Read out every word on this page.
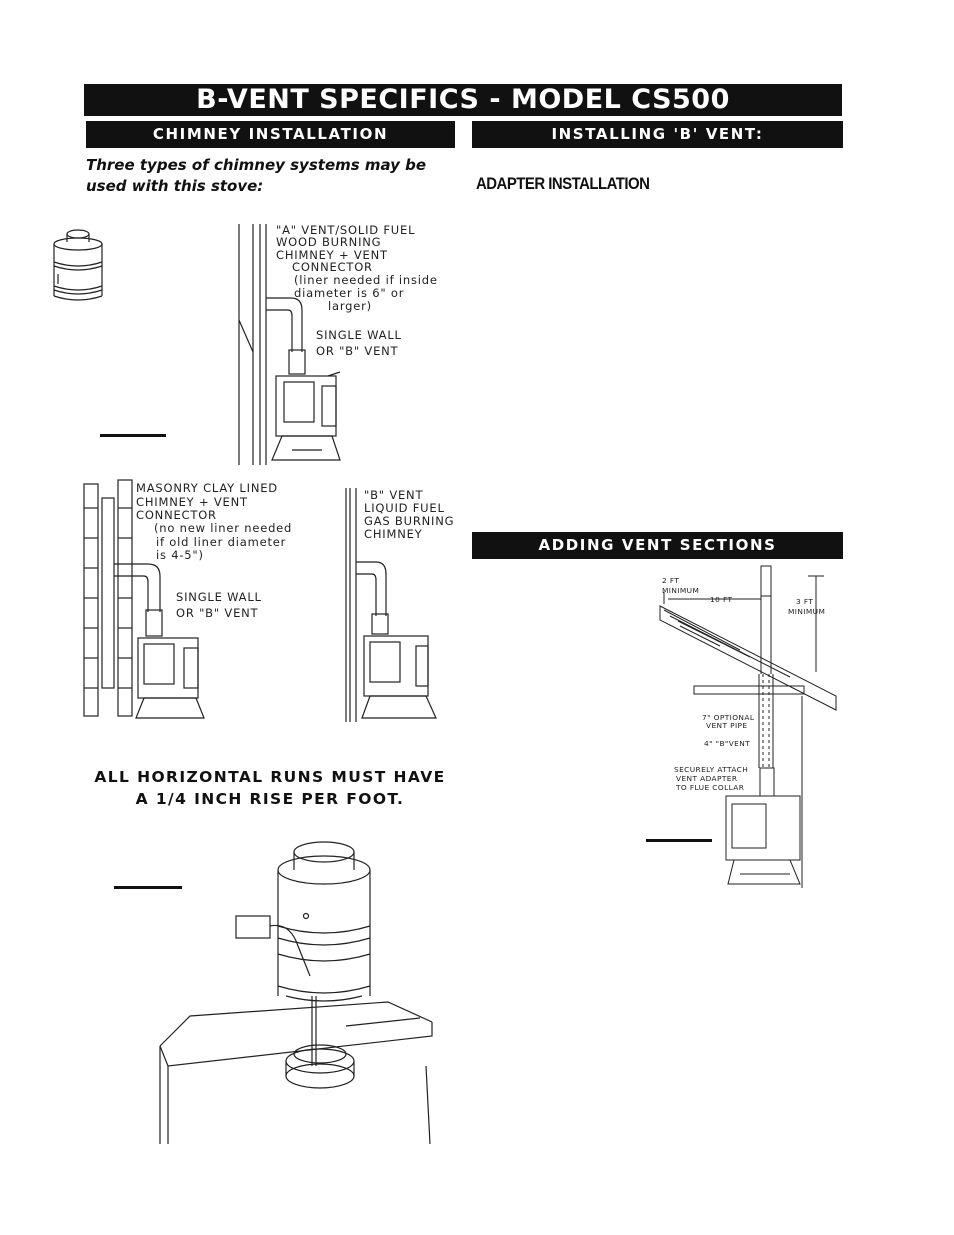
B-VENT SPECIFICS - MODEL CS500
CHIMNEY INSTALLATION	INSTALLING 'B' VENT:
ADDING VENT SECTIONS
Three types of chimney systems may be used with this stove:	ADAPTER INSTALLATION
ALL HORIZONTAL RUNS MUST HAVE A 1/4 INCH RISE PER FOOT.
"A" VENT/SOLID FUEL
WOOD BURNING
CHIMNEY + VENT
CONNECTOR
(liner needed if inside
diameter is 6" or
larger)
SINGLE WALL
OR "B" VENT
MASONRY CLAY LINED
CHIMNEY + VENT
CONNECTOR
(no new liner needed
if old liner diameter
is 4-5")
SINGLE WALL
OR "B" VENT
"B" VENT
LIQUID FUEL
GAS BURNING
CHIMNEY
2 FT
MINIMUM
10 FT	3 FT
MINIMUM
7" OPTIONAL
VENT PIPE
4" "B"VENT
SECURELY ATTACH
VENT ADAPTER
TO FLUE COLLAR
